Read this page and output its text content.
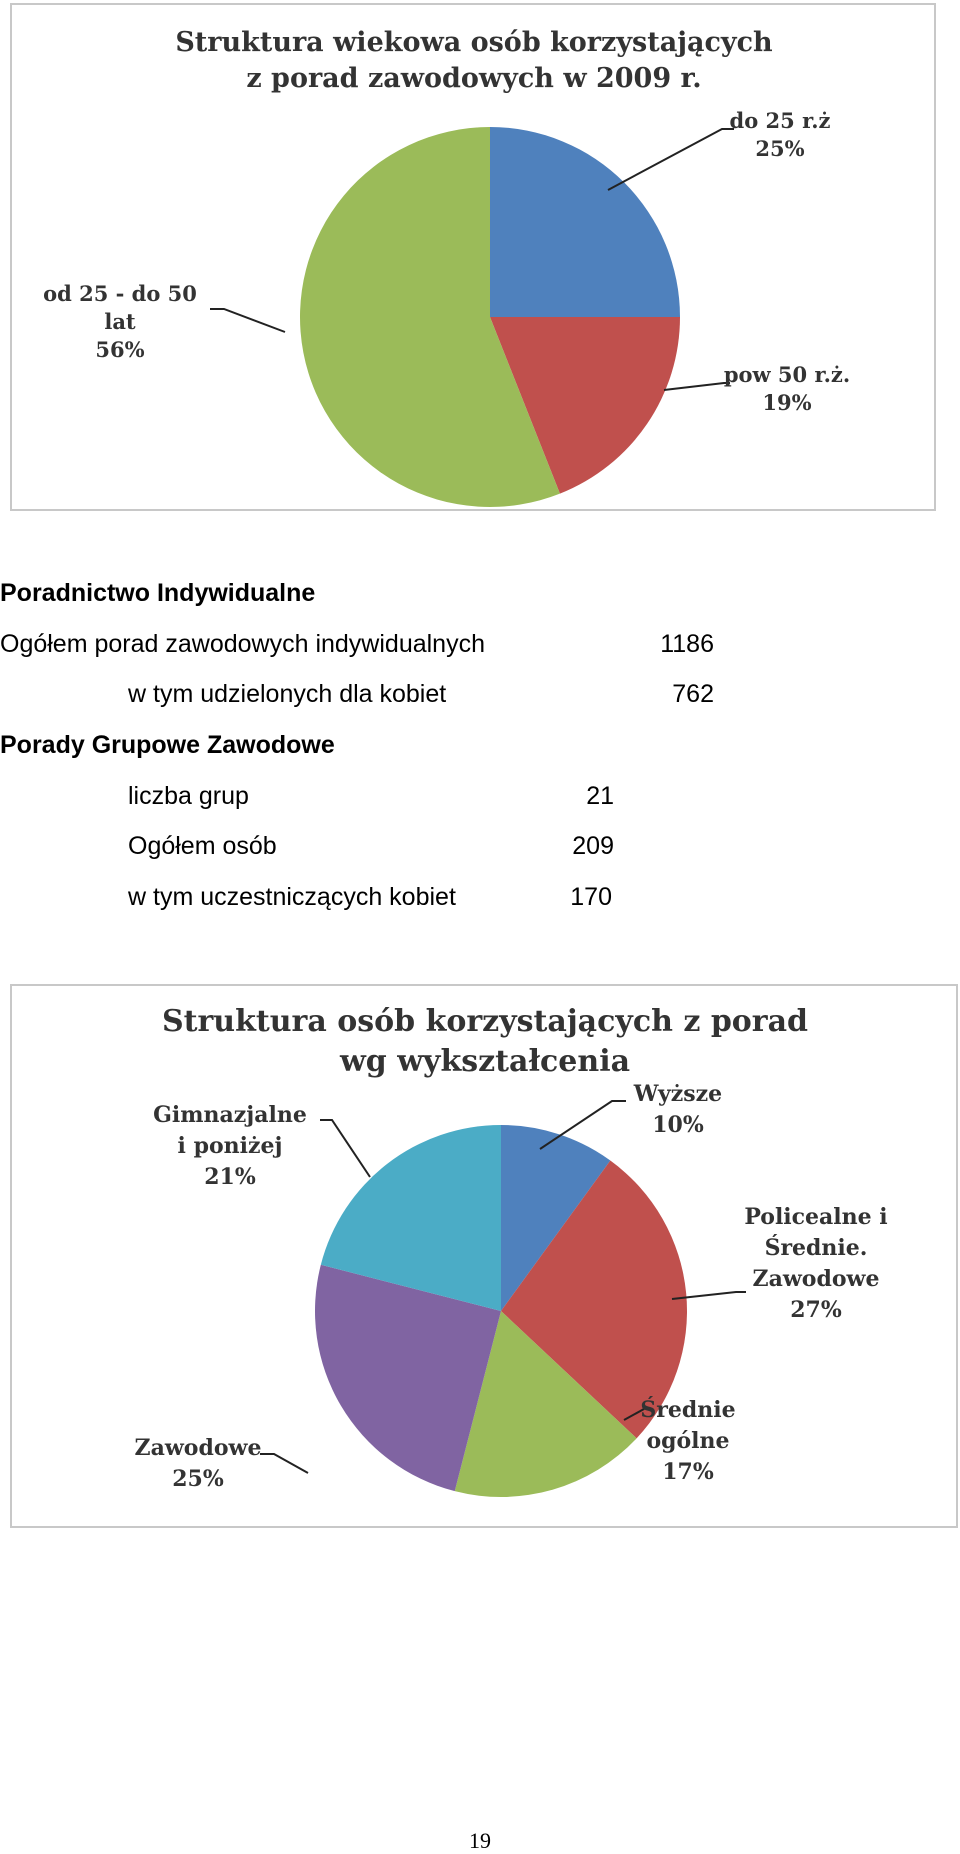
Struktura wiekowa osób korzystających
z porad zawodowych w 2009 r.
do 25 r.ż
25%
pow 50 r.ż.
19%
od 25 - do 50
lat
56%
Poradnictwo Indywidualne
Ogółem porad zawodowych indywidualnych	1186
w tym udzielonych dla kobiet	762
Porady Grupowe Zawodowe
liczba grup	21
Ogółem osób	209
w tym uczestniczących kobiet	170
Struktura osób korzystających z porad
wg wykształcenia
Wyższe
10%
Policealne i
Średnie.
Zawodowe
27%
Średnie
ogólne
17%
Zawodowe
25%
Gimnazjalne
i poniżej
21%
19
